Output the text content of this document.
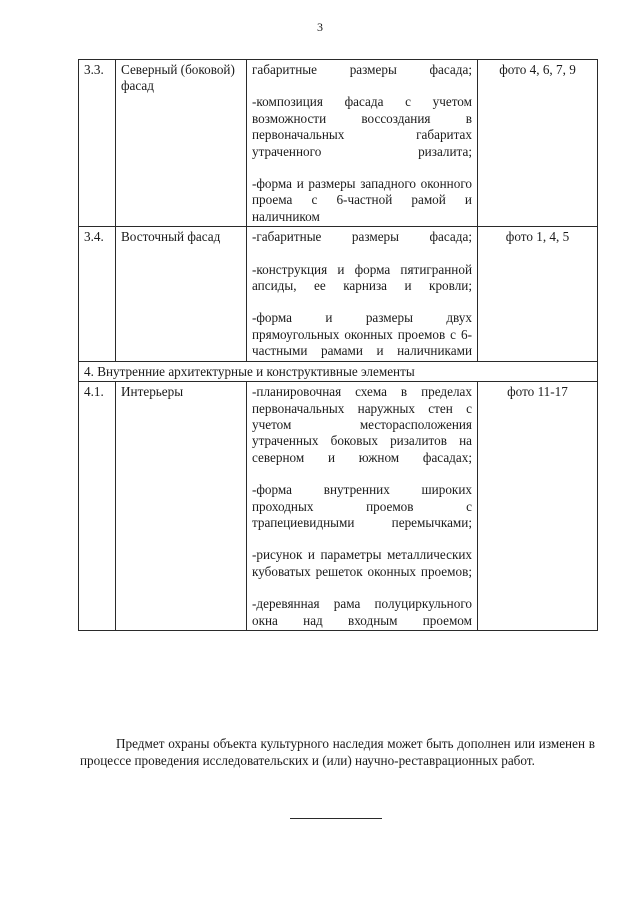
3
3.3.	Северный (боковой) фасад	габаритные размеры фасада;

-композиция фасада с учетом возможности воссоздания в первоначальных габаритах утраченного ризалита;

-форма и размеры западного оконного проема с 6-частной рамой и наличником	фото 4, 6, 7, 9
3.4.	Восточный фасад	-габаритные размеры фасада;

-конструкция и форма пятигранной апсиды, ее карниза и кровли;

-форма и размеры двух прямоугольных оконных проемов с 6-частными рамами и наличниками	фото 1, 4, 5
4. Внутренние архитектурные и конструктивные элементы			
4.1.	Интерьеры	-планировочная схема в пределах первоначальных наружных стен с учетом месторасположения утраченных боковых ризалитов на северном и южном фасадах;

-форма внутренних широких проходных проемов с трапециевидными перемычками;

-рисунок и параметры металлических кубоватых решеток оконных проемов;

-деревянная рама полуциркульного окна над входным проемом	фото 11-17
Предмет охраны объекта культурного наследия может быть дополнен или изменен в процессе проведения исследовательских и (или) научно-реставрационных работ.
